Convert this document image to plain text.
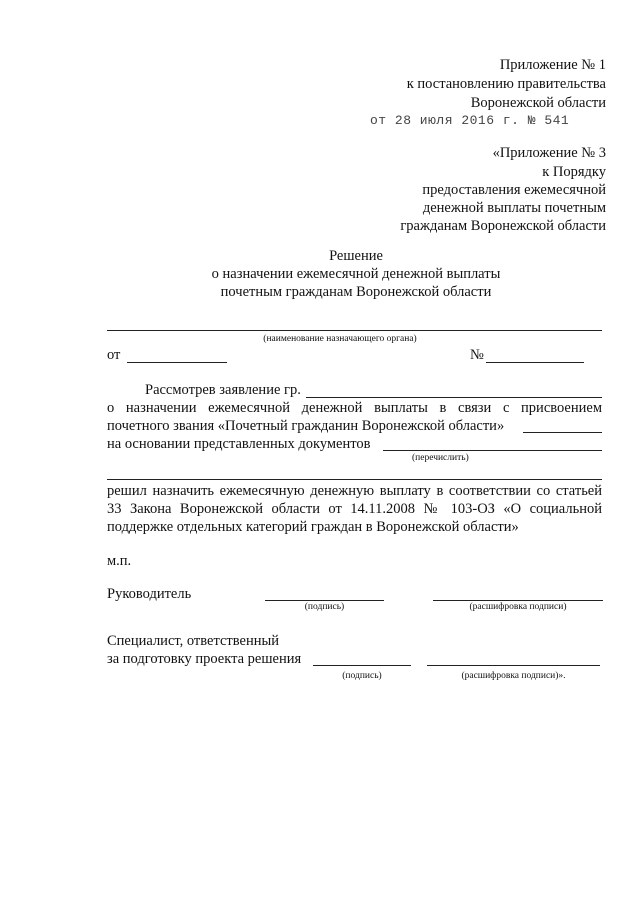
Приложение № 1
к постановлению правительства
Воронежской области
от 28 июля 2016 г. № 541
«Приложение № 3
к Порядку
предоставления ежемесячной
денежной выплаты почетным
гражданам Воронежской области
Решение
о назначении ежемесячной денежной выплаты
почетным гражданам Воронежской области
(наименование назначающего органа)
от	№
Рассмотрев заявление гр.
о назначении ежемесячной денежной выплаты в связи с присвоением
почетного звания «Почетный гражданин Воронежской области»
на основании представленных документов
(перечислить)
решил назначить ежемесячную денежную выплату в соответствии со статьей
33 Закона Воронежской области от 14.11.2008 № 103-ОЗ «О социальной
поддержке отдельных категорий граждан в Воронежской области»
м.п.
Руководитель
(подпись)	(расшифровка подписи)
Специалист, ответственный
за подготовку проекта решения
(подпись)	(расшифровка подписи)».
